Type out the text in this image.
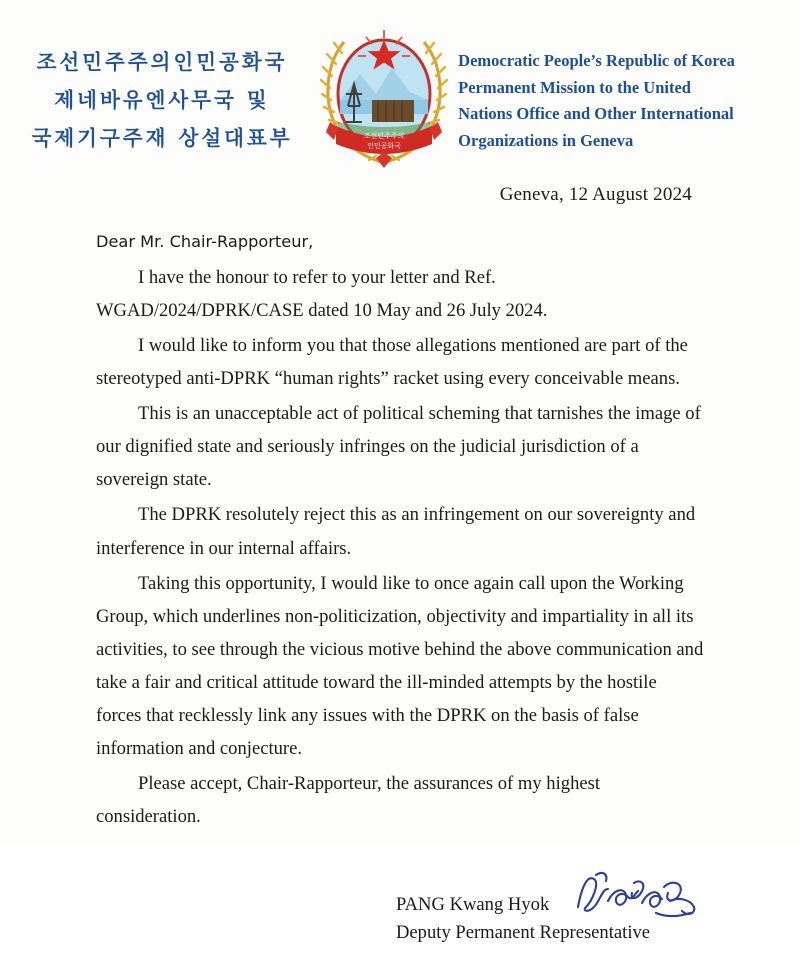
조선민주주의인민공화국
제네바유엔사무국 및
국제기구주재 상설대표부	조선민주주의
인민공화국
Democratic People’s Republic of Korea
Permanent Mission to the United
Nations Office and Other International
Organizations in Geneva
Geneva, 12 August 2024

Dear Mr. Chair-Rapporteur,

I have the honour to refer to your letter and Ref. WGAD/2024/DPRK/CASE dated 10 May and 26 July 2024.

I would like to inform you that those allegations mentioned are part of the stereotyped anti-DPRK “human rights” racket using every conceivable means.

This is an unacceptable act of political scheming that tarnishes the image of our dignified state and seriously infringes on the judicial jurisdiction of a sovereign state.

The DPRK resolutely reject this as an infringement on our sovereignty and interference in our internal affairs.

Taking this opportunity, I would like to once again call upon the Working Group, which underlines non-politicization, objectivity and impartiality in all its activities, to see through the vicious motive behind the above communication and take a fair and critical attitude toward the ill-minded attempts by the hostile forces that recklessly link any issues with the DPRK on the basis of false information and conjecture.

Please accept, Chair-Rapporteur, the assurances of my highest consideration.

PANG Kwang Hyok
Deputy Permanent Representative
